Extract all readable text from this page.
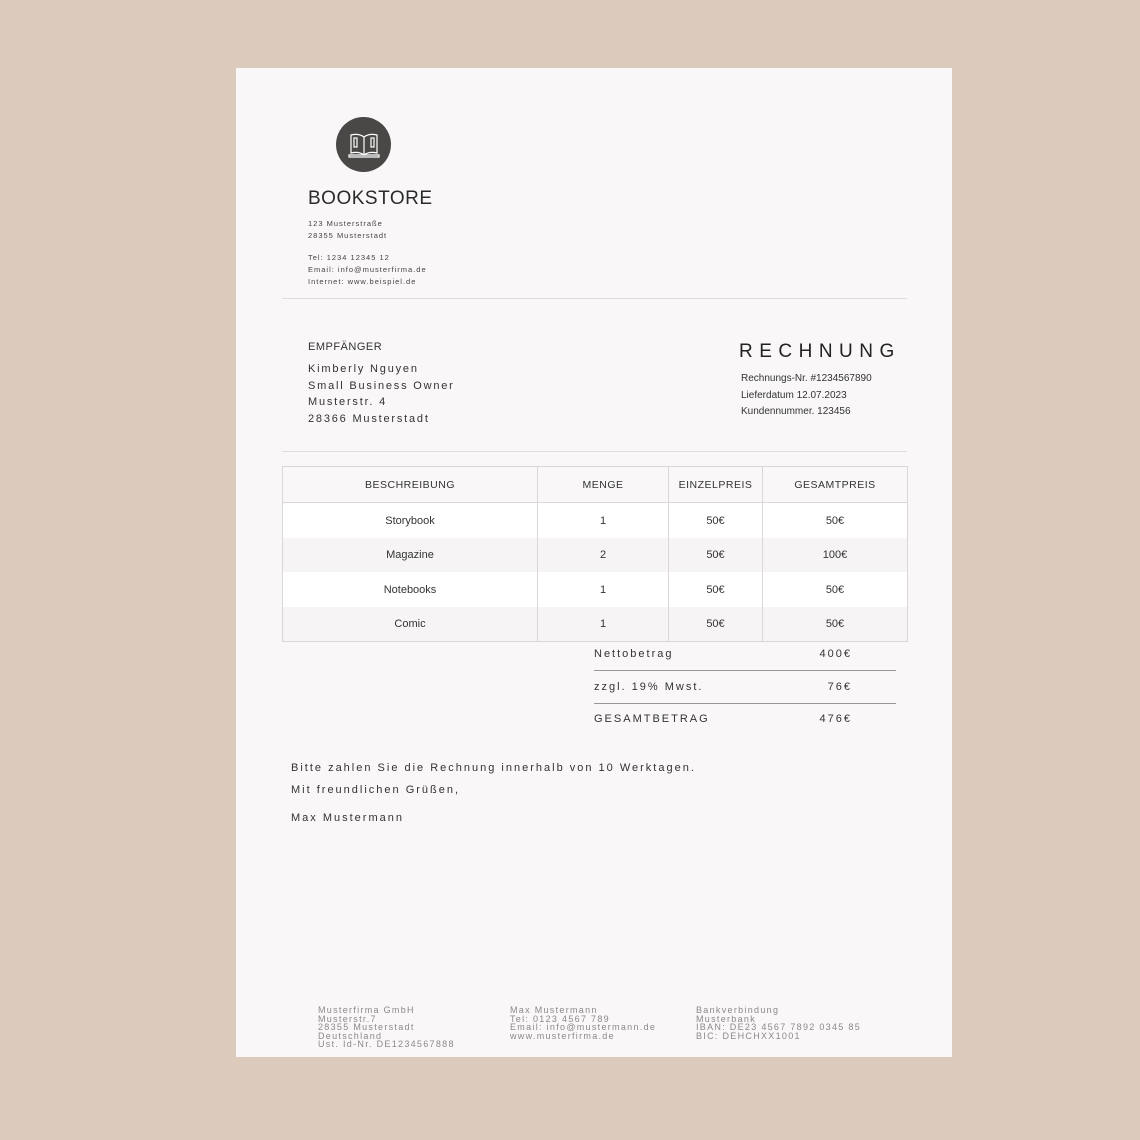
BOOKSTORE
123 Musterstraße
28355 Musterstadt
Tel: 1234 12345 12
Email: info@musterfirma.de
Internet: www.beispiel.de
EMPFÄNGER
Kimberly Nguyen
Small Business Owner
Musterstr. 4
28366 Musterstadt
RECHNUNG
Rechnungs-Nr. #1234567890
Lieferdatum 12.07.2023
Kundennummer. 123456
BESCHREIBUNG	MENGE	EINZELPREIS	GESAMTPREIS
Storybook	1	50€	50€
Magazine	2	50€	100€
Notebooks	1	50€	50€
Comic	1	50€	50€
Nettobetrag	400€
zzgl. 19% Mwst.	76€
GESAMTBETRAG	476€
Bitte zahlen Sie die Rechnung innerhalb von 10 Werktagen.
Mit freundlichen Grüßen,
Max Mustermann
Musterfirma GmbH
Musterstr.7
28355 Musterstadt
Deutschland
Ust. Id-Nr. DE1234567888
Max Mustermann
Tel: 0123 4567 789
Email: info@mustermann.de
www.musterfirma.de
Bankverbindung
Musterbank
IBAN: DE23 4567 7892 0345 85
BIC: DEHCHXX1001
